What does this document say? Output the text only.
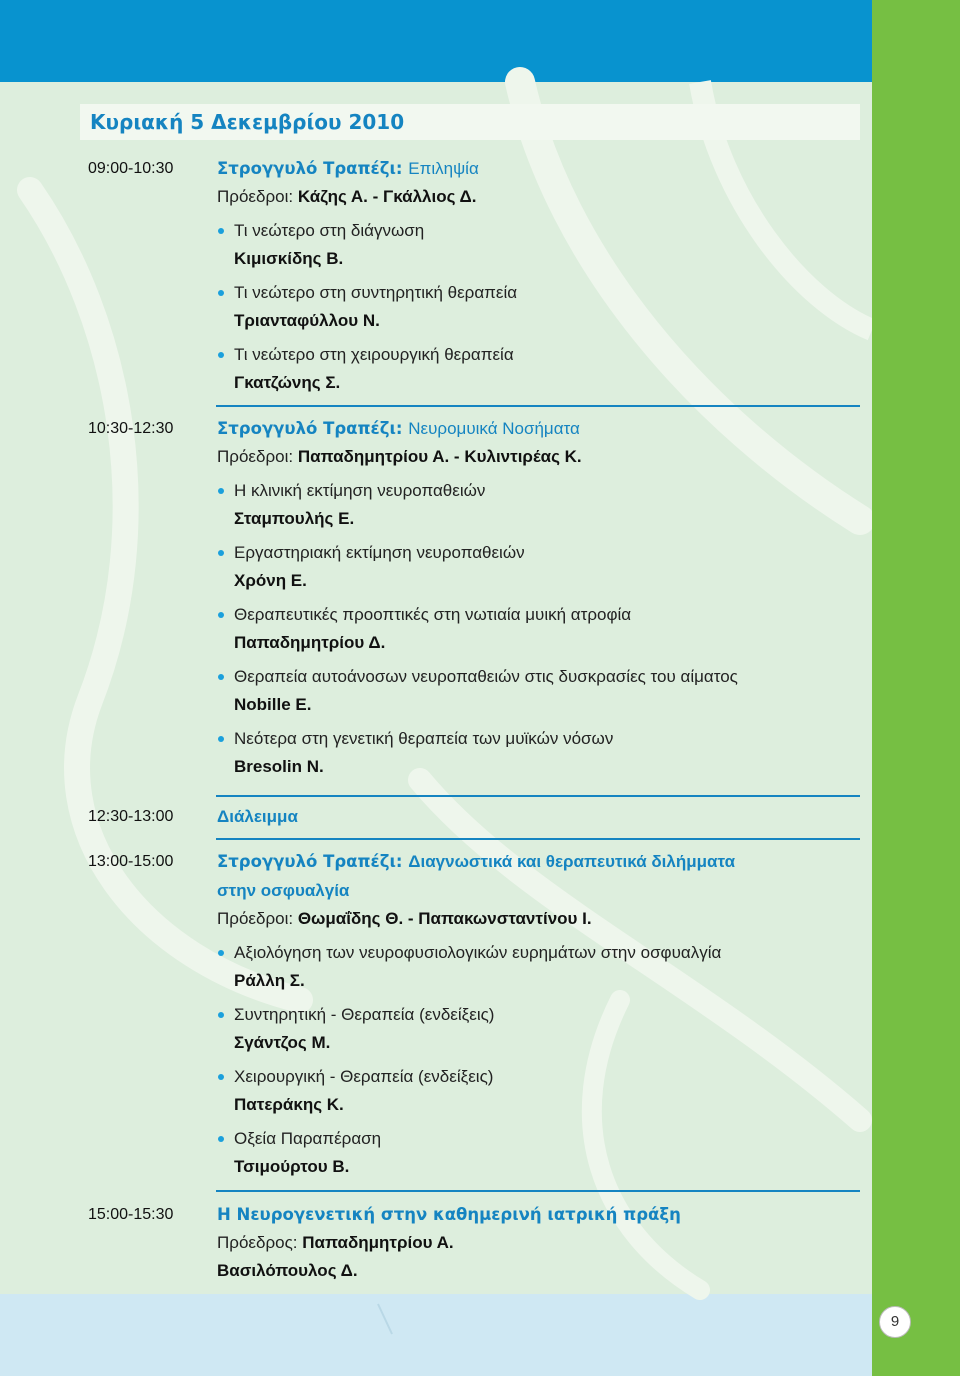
Κυριακή 5 Δεκεμβρίου 2010
09:00-10:30	Στρογγυλό Τραπέζι: Επιληψία
Πρόεδροι: Κάζης Α. - Γκάλλιος Δ.
Τι νεώτερο στη διάγνωση
Κιμισκίδης Β.
Τι νεώτερο στη συντηρητική θεραπεία
Τριανταφύλλου Ν.
Τι νεώτερο στη χειρουργική θεραπεία
Γκατζώνης Σ.
10:30-12:30	Στρογγυλό Τραπέζι: Νευρομυικά Νοσήματα
Πρόεδροι: Παπαδημητρίου Α. - Κυλιντιρέας Κ.
Η κλινική εκτίμηση νευροπαθειών
Σταμπουλής Ε.
Εργαστηριακή εκτίμηση νευροπαθειών
Χρόνη Ε.
Θεραπευτικές προοπτικές στη νωτιαία μυική ατροφία
Παπαδημητρίου Δ.
Θεραπεία αυτοάνοσων νευροπαθειών στις δυσκρασίες του αίματος
Nobille E.
Νεότερα στη γενετική θεραπεία των μυϊκών νόσων
Bresolin N.
12:30-13:00	Διάλειμμα
13:00-15:00	Στρογγυλό Τραπέζι: Διαγνωστικά και θεραπευτικά διλήμματα
στην οσφυαλγία
Πρόεδροι: Θωμαΐδης Θ. - Παπακωνσταντίνου Ι.
Αξιολόγηση των νευροφυσιολογικών ευρημάτων στην οσφυαλγία
Ράλλη Σ.
Συντηρητική - Θεραπεία (ενδείξεις)
Σγάντζος Μ.
Χειρουργική - Θεραπεία (ενδείξεις)
Πατεράκης Κ.
Οξεία Παραπέραση
Τσιμούρτου Β.
15:00-15:30	Η Νευρογενετική στην καθημερινή ιατρική πράξη
Πρόεδρος: Παπαδημητρίου Α.
Βασιλόπουλος Δ.
9
